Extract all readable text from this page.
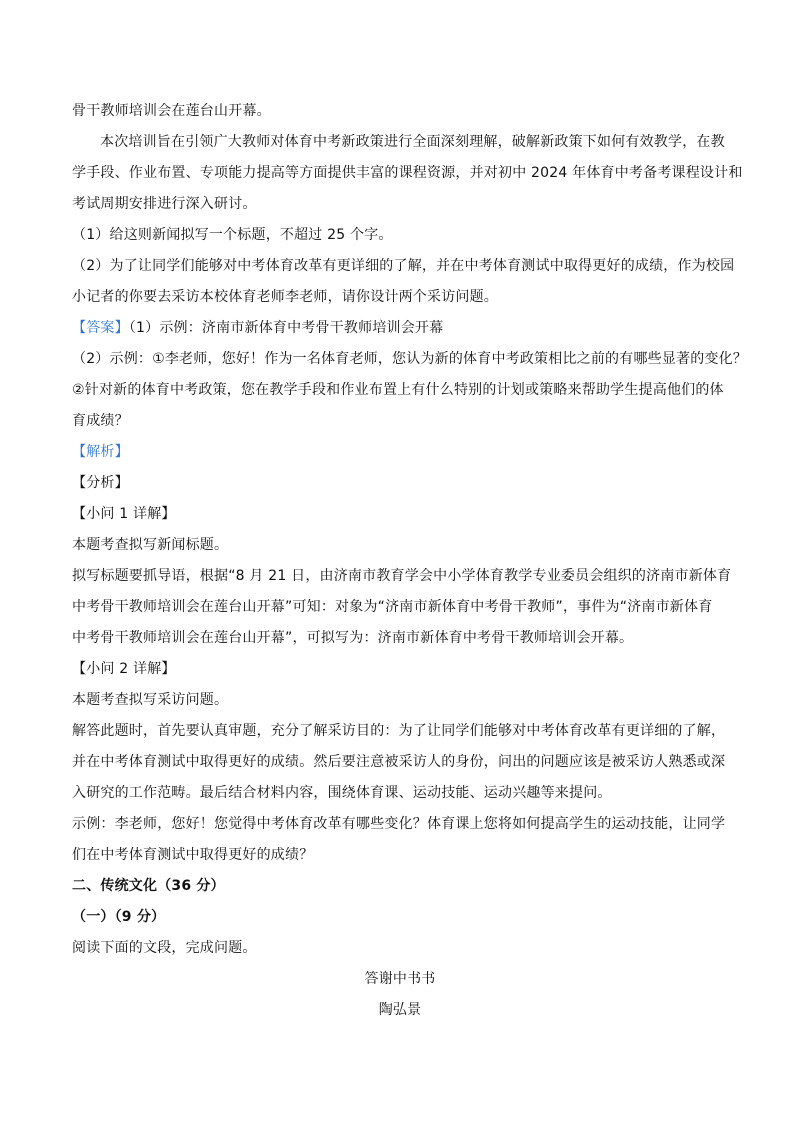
骨干教师培训会在莲台山开幕。
本次培训旨在引领广大教师对体育中考新政策进行全面深刻理解，破解新政策下如何有效教学，在教
学手段、作业布置、专项能力提高等方面提供丰富的课程资源，并对初中 2024 年体育中考备考课程设计和
考试周期安排进行深入研讨。
（1）给这则新闻拟写一个标题，不超过 25 个字。
（2）为了让同学们能够对中考体育改革有更详细的了解，并在中考体育测试中取得更好的成绩，作为校园
小记者的你要去采访本校体育老师李老师，请你设计两个采访问题。
【答案】（1）示例：济南市新体育中考骨干教师培训会开幕
（2）示例：①李老师，您好！作为一名体育老师，您认为新的体育中考政策相比之前的有哪些显著的变化？
②针对新的体育中考政策，您在教学手段和作业布置上有什么特别的计划或策略来帮助学生提高他们的体
育成绩？
【解析】
【分析】
【小问 1 详解】
本题考查拟写新闻标题。
拟写标题要抓导语，根据“8 月 21 日，由济南市教育学会中小学体育教学专业委员会组织的济南市新体育
中考骨干教师培训会在莲台山开幕”可知：对象为“济南市新体育中考骨干教师”，事件为“济南市新体育
中考骨干教师培训会在莲台山开幕”，可拟写为：济南市新体育中考骨干教师培训会开幕。
【小问 2 详解】
本题考查拟写采访问题。
解答此题时，首先要认真审题，充分了解采访目的：为了让同学们能够对中考体育改革有更详细的了解，
并在中考体育测试中取得更好的成绩。然后要注意被采访人的身份，问出的问题应该是被采访人熟悉或深
入研究的工作范畴。最后结合材料内容，围绕体育课、运动技能、运动兴趣等来提问。
示例：李老师，您好！您觉得中考体育改革有哪些变化？体育课上您将如何提高学生的运动技能，让同学
们在中考体育测试中取得更好的成绩？
二、传统文化（36 分）
（一）（9 分）
阅读下面的文段，完成问题。
答谢中书书
陶弘景
